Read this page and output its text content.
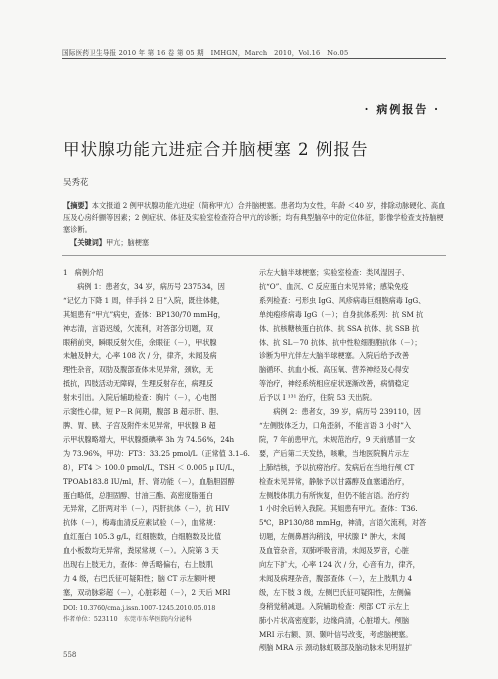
国际医药卫生导报 2010 年 第 16 卷 第 05 期　IMHGN，March　2010，Vol.16　No.05
· 病例报告 ·
甲状腺功能亢进症合并脑梗塞 2 例报告
吴秀花
【摘要】本文报道 2 例甲状腺功能亢进症（简称甲亢）合并脑梗塞。患者均为女性，年龄 ＜40 岁，排除动脉硬化、高血压及心房纤颤等因素；2 例症状、体征及实验室检查符合甲亢的诊断；均有典型脑卒中的定位体征，影像学检查支持脑梗塞诊断。
【关键词】甲亢；脑梗塞

1　病例介绍

　　病例 1：患者女，34 岁，病历号 237534，因

“记忆力下降 1 周，伴手抖 2 日”入院，既往体健，

其姐患有“甲亢”病史，查体：BP130/70 mmHg，

神志清，言语迟缓，欠流利，对答部分切题，双

眼稍前突，瞬眼反射欠佳，余眼征（－），甲状腺

未触及肿大，心率 108 次 / 分，律齐，未闻及病

理性杂音，双肋及腹部查体未见异常，颈软，无

抵抗，四肢活动无障碍，生理反射存在，病理反

射未引出。入院后辅助检查：胸片（－），心电图

示窦性心律，短 P－R 间期，腹部 B 超示肝、胆、

脾、胃、胰、子宫及附件未见异常，甲状腺 B 超

示甲状腺略增大，甲状腺摄碘率 3h 为 74.56%，24h

为 73.96%，甲功：FT3：33.25 pmol/L（正常值 3.1–6.

8），FT4 ＞ 100.0 pmol/L，TSH ＜ 0.005 μ IU/L，

TPOAb183.8 IU/ml，肝、肾功能（－），血脂胆固醇

蛋白略低，总胆固醇、甘油三酯、高密度脂蛋白

无异常，乙肝两对半（－），丙肝抗体（－），抗 HIV

抗体（－），梅毒血清反应素试验（－），血常规：

血红蛋白 105.3 g/L，红细胞数，白细胞数及比值

血小板数均无异常，粪尿常规（－）。入院第 3 天

出现右上肢无力，查体：伸舌略偏右，右上肢肌

力 4 级，右巴氏征可疑阳性；脑 CT 示左额叶梗

塞，双动脉彩超（－），心脏彩超（－），2 天后 MRI

示左大脑半球梗塞；实验室检查：类风湿因子、

抗“O”、血沉、C 反应蛋白未见异常；感染免疫

系列检查：弓形虫 IgG、风疹病毒巨细胞病毒 IgG、

单纯疱疹病毒 IgG（－）；自身抗体系列：抗 SM 抗

体、抗核糖核蛋白抗体、抗 SSA 抗体、抗 SSB 抗

体、抗 SL－70 抗体、抗中性粒细胞胞抗体（－）；

诊断为甲亢伴左大脑半球梗塞。入院后给予改善

脑循环、抗血小板、高压氧、营养神经及心得安

等治疗，神经系统相应症状逐渐改善，病情稳定

后予以 I ¹³¹ 治疗，住院 53 天出院。

　　病例 2：患者女，39 岁，病历号 239110，因

“左侧肢体乏力，口角歪斜，不能言语 3 小时”入

院，7 年前患甲亢，未规范治疗，9 天前感冒一女

要，产后第二天发热，咳嗽，当地医院胸片示左

上肺结核，予以抗痨治疗。发病后在当地行颅 CT

检查未见异常，静脉予以甘露醇及血塞通治疗，

左侧肢体肌力有所恢复，但仍不能言语。治疗约

1 小时余后转入我院。其姐患有甲亢。查体：T36.

5℃，BP130/88 mmHg，神清，言语欠流利，对答

切题，左侧鼻唇沟稍浅，甲状腺 I° 肿大，未闻

及血管杂音，双肺呼吸音清，未闻及罗音，心脏

向左下扩大，心率 124 次 / 分，心音有力，律齐，

未闻及病理杂音，腹部查体（－），左上肢肌力 4

级，左下肢 3 级，左侧巴氏征可疑阳性，左侧偏

身稍觉稍减退。入院辅助检查：颅部 CT 示左上

肺小片状高密度影，边缘尚清，心脏增大。颅脑

MRI 示右额、顶、颞叶信号改变，考虑脑梗塞。

颅脑 MRA 示 颈动脉虹吸部及脑动脉未见明显扩

DOI: 10.3760/cma.j.issn.1007-1245.2010.05.018
作者单位：523110　东莞市东华医院内分泌科
558
